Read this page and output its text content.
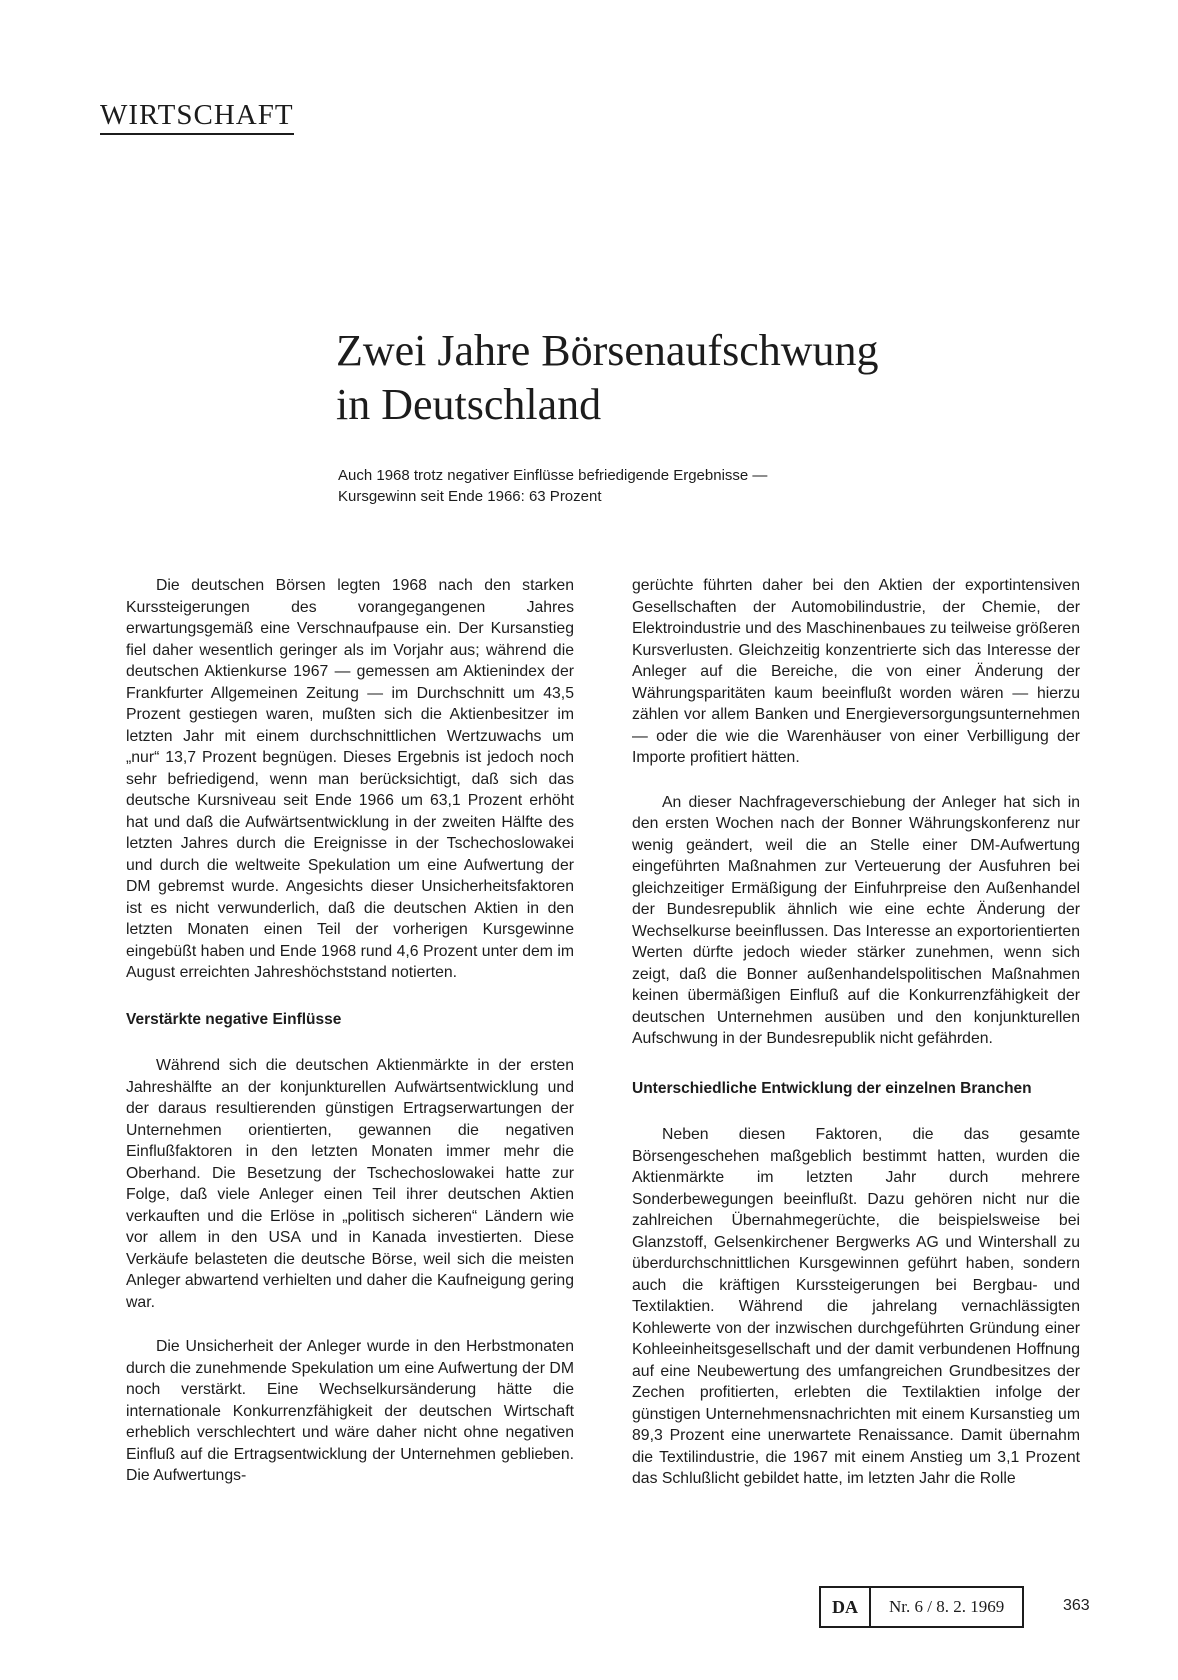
WIRTSCHAFT
Zwei Jahre Börsenaufschwung
in Deutschland
Auch 1968 trotz negativer Einflüsse befriedigende Ergebnisse —
Kursgewinn seit Ende 1966: 63 Prozent

Die deutschen Börsen legten 1968 nach den starken Kurssteigerungen des vorangegangenen Jahres erwartungsgemäß eine Verschnaufpause ein. Der Kursanstieg fiel daher wesentlich geringer als im Vorjahr aus; während die deutschen Aktienkurse 1967 — gemessen am Aktienindex der Frankfurter Allgemeinen Zeitung — im Durchschnitt um 43,5 Prozent gestiegen waren, mußten sich die Aktienbesitzer im letzten Jahr mit einem durchschnittlichen Wertzuwachs um „nur“ 13,7 Prozent begnügen. Dieses Ergebnis ist jedoch noch sehr befriedigend, wenn man berücksichtigt, daß sich das deutsche Kursniveau seit Ende 1966 um 63,1 Prozent erhöht hat und daß die Aufwärtsentwicklung in der zweiten Hälfte des letzten Jahres durch die Ereignisse in der Tschechoslowakei und durch die weltweite Spekulation um eine Aufwertung der DM gebremst wurde. Angesichts dieser Unsicherheitsfaktoren ist es nicht verwunderlich, daß die deutschen Aktien in den letzten Monaten einen Teil der vorherigen Kursgewinne eingebüßt haben und Ende 1968 rund 4,6 Prozent unter dem im August erreichten Jahreshöchststand notierten.

Verstärkte negative Einflüsse

Während sich die deutschen Aktienmärkte in der ersten Jahreshälfte an der konjunkturellen Aufwärtsentwicklung und der daraus resultierenden günstigen Ertragserwartungen der Unternehmen orientierten, gewannen die negativen Einflußfaktoren in den letzten Monaten immer mehr die Oberhand. Die Besetzung der Tschechoslowakei hatte zur Folge, daß viele Anleger einen Teil ihrer deutschen Aktien verkauften und die Erlöse in „politisch sicheren“ Ländern wie vor allem in den USA und in Kanada investierten. Diese Verkäufe belasteten die deutsche Börse, weil sich die meisten Anleger abwartend verhielten und daher die Kaufneigung gering war.

Die Unsicherheit der Anleger wurde in den Herbstmonaten durch die zunehmende Spekulation um eine Aufwertung der DM noch verstärkt. Eine Wechselkursänderung hätte die internationale Konkurrenzfähigkeit der deutschen Wirtschaft erheblich verschlechtert und wäre daher nicht ohne negativen Einfluß auf die Ertragsentwicklung der Unternehmen geblieben. Die Aufwertungs-

gerüchte führten daher bei den Aktien der exportintensiven Gesellschaften der Automobilindustrie, der Chemie, der Elektroindustrie und des Maschinenbaues zu teilweise größeren Kursverlusten. Gleichzeitig konzentrierte sich das Interesse der Anleger auf die Bereiche, die von einer Änderung der Währungsparitäten kaum beeinflußt worden wären — hierzu zählen vor allem Banken und Energieversorgungsunternehmen — oder die wie die Warenhäuser von einer Verbilligung der Importe profitiert hätten.

An dieser Nachfrageverschiebung der Anleger hat sich in den ersten Wochen nach der Bonner Währungskonferenz nur wenig geändert, weil die an Stelle einer DM-Aufwertung eingeführten Maßnahmen zur Verteuerung der Ausfuhren bei gleichzeitiger Ermäßigung der Einfuhrpreise den Außenhandel der Bundesrepublik ähnlich wie eine echte Änderung der Wechselkurse beeinflussen. Das Interesse an exportorientierten Werten dürfte jedoch wieder stärker zunehmen, wenn sich zeigt, daß die Bonner außenhandelspolitischen Maßnahmen keinen übermäßigen Einfluß auf die Konkurrenzfähigkeit der deutschen Unternehmen ausüben und den konjunkturellen Aufschwung in der Bundesrepublik nicht gefährden.

Unterschiedliche Entwicklung der einzelnen Branchen

Neben diesen Faktoren, die das gesamte Börsengeschehen maßgeblich bestimmt hatten, wurden die Aktienmärkte im letzten Jahr durch mehrere Sonderbewegungen beeinflußt. Dazu gehören nicht nur die zahlreichen Übernahmegerüchte, die beispielsweise bei Glanzstoff, Gelsenkirchener Bergwerks AG und Wintershall zu überdurchschnittlichen Kursgewinnen geführt haben, sondern auch die kräftigen Kurssteigerungen bei Bergbau- und Textilaktien. Während die jahrelang vernachlässigten Kohlewerte von der inzwischen durchgeführten Gründung einer Kohleeinheitsgesellschaft und der damit verbundenen Hoffnung auf eine Neubewertung des umfangreichen Grundbesitzes der Zechen profitierten, erlebten die Textilaktien infolge der günstigen Unternehmensnachrichten mit einem Kursanstieg um 89,3 Prozent eine unerwartete Renaissance. Damit übernahm die Textilindustrie, die 1967 mit einem Anstieg um 3,1 Prozent das Schlußlicht gebildet hatte, im letzten Jahr die Rolle

DA	Nr. 6 / 8. 2. 1969	363
